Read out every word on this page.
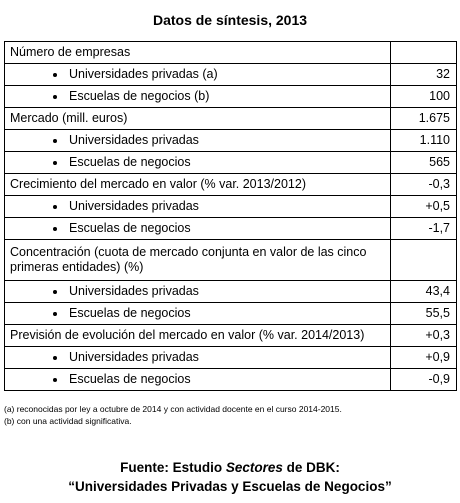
Datos de síntesis, 2013
Número de empresas	

Universidades privadas (a)	32

Escuelas de negocios (b)	100
Mercado (mill. euros)	1.675

Universidades privadas	1.110

Escuelas de negocios	565
Crecimiento del mercado en valor (% var. 2013/2012)	-0,3

Universidades privadas	+0,5

Escuelas de negocios	-1,7
Concentración (cuota de mercado conjunta en valor de las cinco primeras entidades) (%)	

Universidades privadas	43,4

Escuelas de negocios	55,5
Previsión de evolución del mercado en valor (% var. 2014/2013)	+0,3

Universidades privadas	+0,9

Escuelas de negocios	-0,9
(a) reconocidas por ley a octubre de 2014 y con actividad docente en el curso 2014-2015.
(b) con una actividad significativa.
Fuente: Estudio Sectores de DBK:
“Universidades Privadas y Escuelas de Negocios”
